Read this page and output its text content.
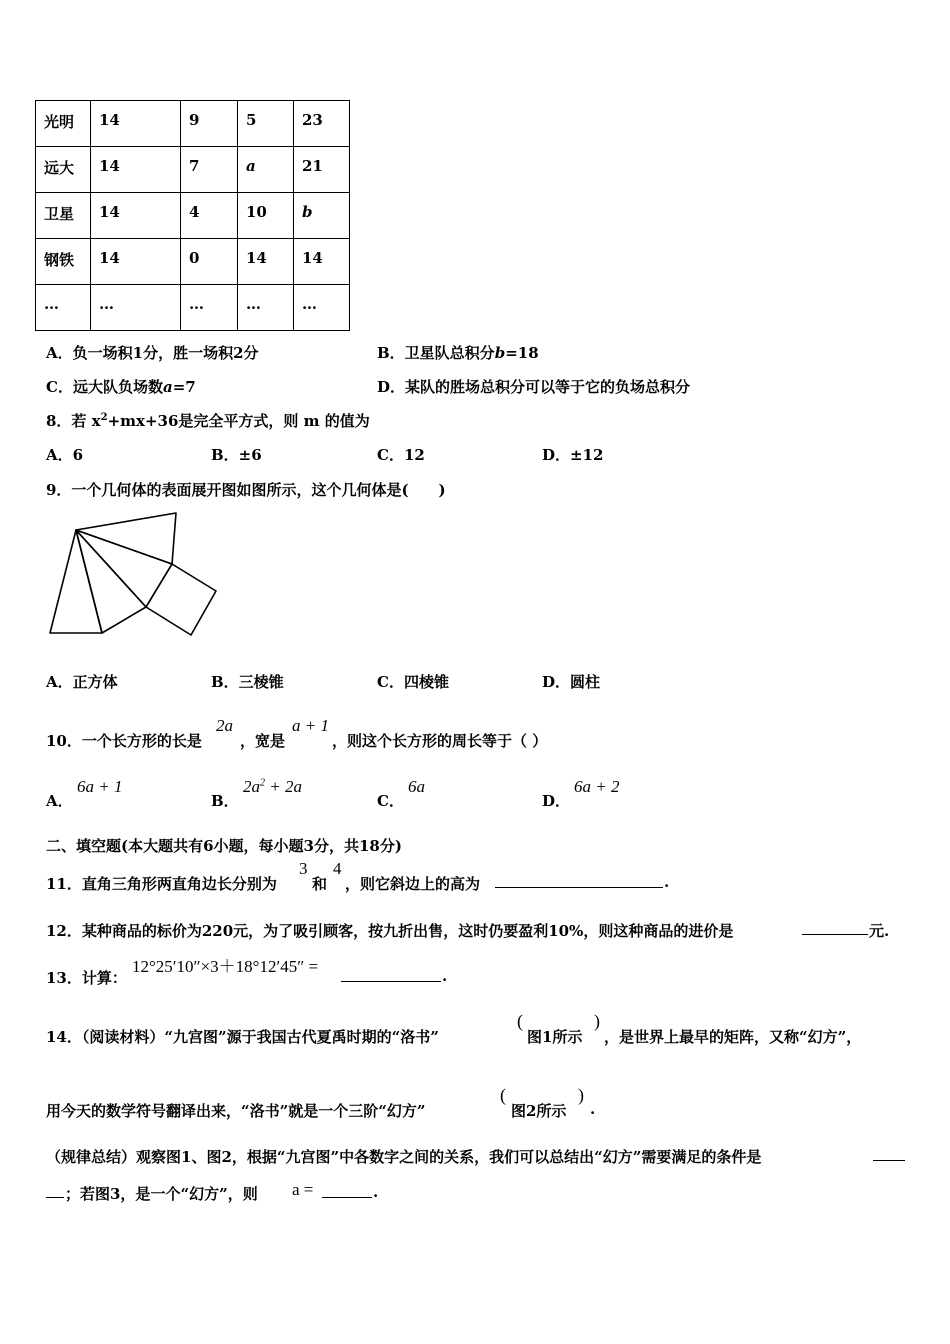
光明	14	9	5	23
远大	14	7	a	21
卫星	14	4	10	b
钢铁	14	0	14	14
…	…	…	…	…
A．负一场积1分，胜一场积2分	B．卫星队总积分b=18
C．远大队负场数a=7	D．某队的胜场总积分可以等于它的负场总积分
8．若 $x^2+mx+36$是完全平方式，则 m 的值为
A．6	B．±6	C．12	D．±12
9．一个几何体的表面展开图如图所示，这个几何体是(　　)
A．正方体	B．三棱锥	C．四棱锥	D．圆柱
10．一个长方形的长是
2a
，宽是
a + 1
，则这个长方形的周长等于（ ）
A．
6a + 1
B．
$2a^2 + 2a$
C．
6a
D．
6a + 2
二、填空题(本大题共有6小题，每小题3分，共18分)
11．直角三角形两直角边长分别为
3
和
4
，则它斜边上的高为	.
12．某种商品的标价为220元，为了吸引顾客，按九折出售，这时仍要盈利10%，则这种商品的进价是	元.
13．计算：
12°25′10″×3＋18°12′45″ =	.
14．（阅读材料）“九宫图”源于我国古代夏禹时期的“洛书”
(
图1所示
)
，是世界上最早的矩阵，又称“幻方”，
用今天的数学符号翻译出来，“洛书”就是一个三阶“幻方”
(
图2所示
)
.
（规律总结）观察图1、图2，根据“九宫图”中各数字之间的关系，我们可以总结出“幻方”需要满足的条件是
；若图3，是一个“幻方”，则 a =	.
